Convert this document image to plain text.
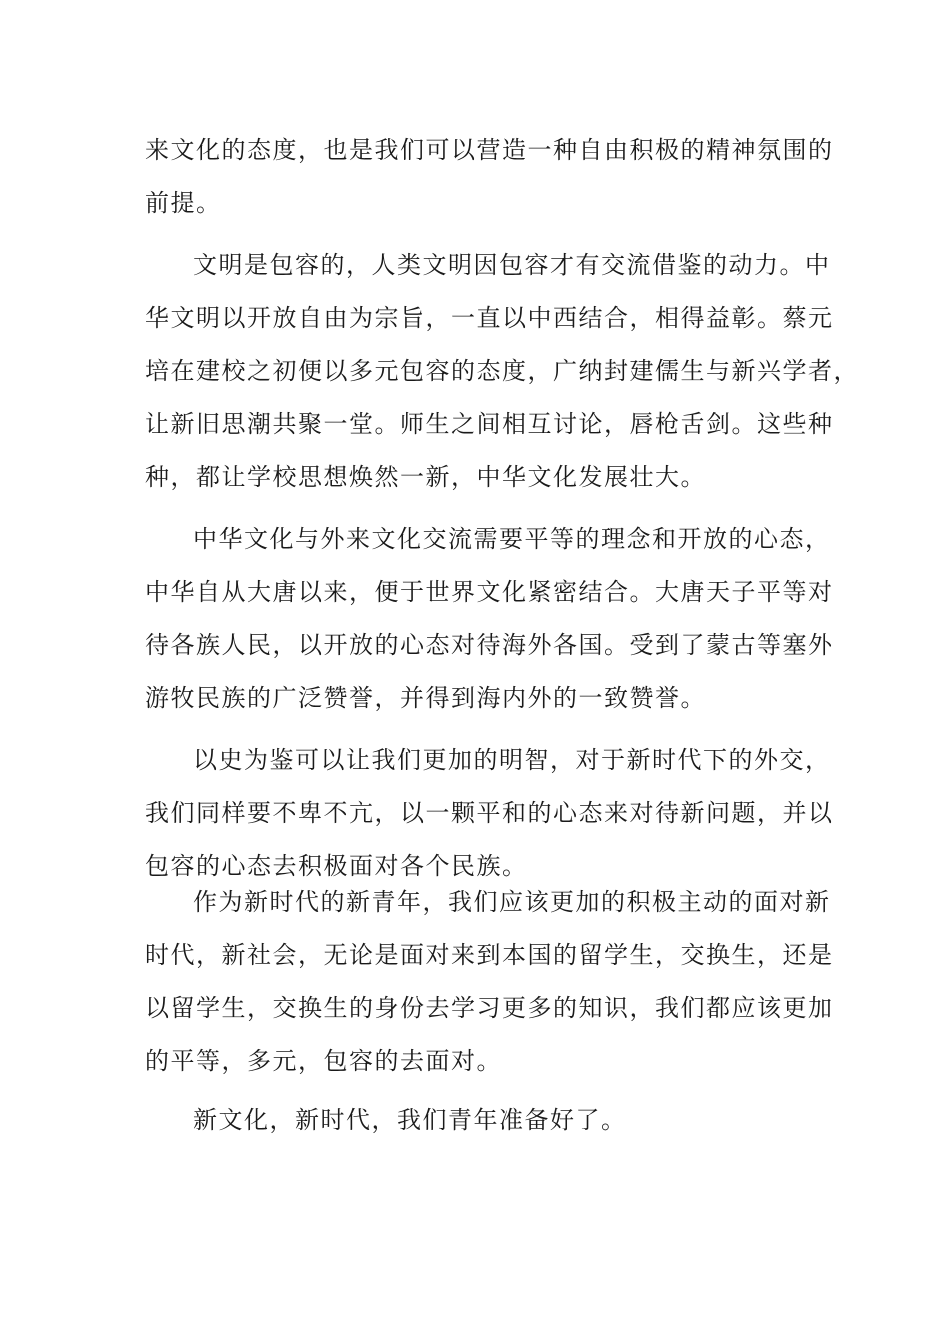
来文化的态度，也是我们可以营造一种自由积极的精神氛围的
前提。
文明是包容的，人类文明因包容才有交流借鉴的动力。中
华文明以开放自由为宗旨，一直以中西结合，相得益彰。蔡元
培在建校之初便以多元包容的态度，广纳封建儒生与新兴学者，
让新旧思潮共聚一堂。师生之间相互讨论，唇枪舌剑。这些种
种，都让学校思想焕然一新，中华文化发展壮大。
中华文化与外来文化交流需要平等的理念和开放的心态，
中华自从大唐以来，便于世界文化紧密结合。大唐天子平等对
待各族人民，以开放的心态对待海外各国。受到了蒙古等塞外
游牧民族的广泛赞誉，并得到海内外的一致赞誉。
以史为鉴可以让我们更加的明智，对于新时代下的外交，
我们同样要不卑不亢，以一颗平和的心态来对待新问题，并以
包容的心态去积极面对各个民族。
作为新时代的新青年，我们应该更加的积极主动的面对新
时代，新社会，无论是面对来到本国的留学生，交换生，还是
以留学生，交换生的身份去学习更多的知识，我们都应该更加
的平等，多元，包容的去面对。
新文化，新时代，我们青年准备好了。
